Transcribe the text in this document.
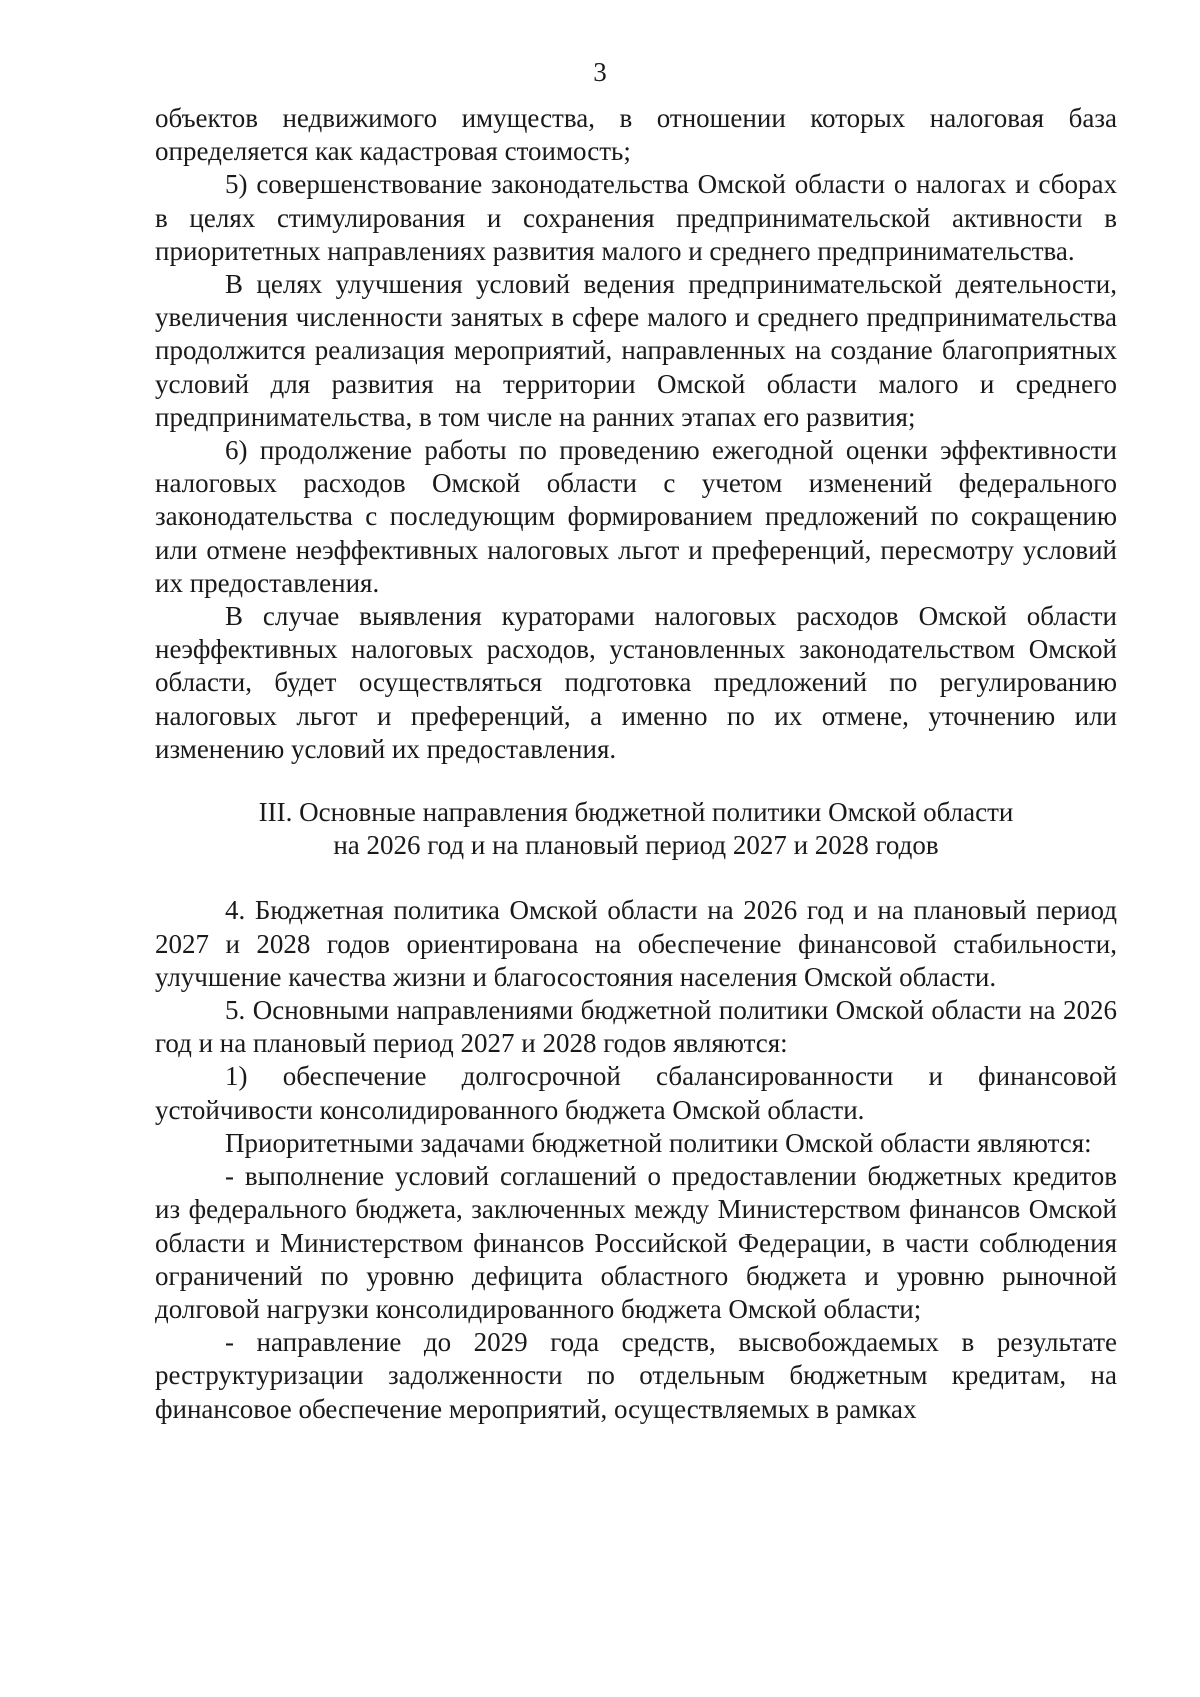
3

объектов недвижимого имущества, в отношении которых налоговая база определяется как кадастровая стоимость;

5) совершенствование законодательства Омской области о налогах и сборах в целях стимулирования и сохранения предпринимательской активности в приоритетных направлениях развития малого и среднего предпринимательства.

В целях улучшения условий ведения предпринимательской деятельности, увеличения численности занятых в сфере малого и среднего предпринимательства продолжится реализация мероприятий, направленных на создание благоприятных условий для развития на территории Омской области малого и среднего предпринимательства, в том числе на ранних этапах его развития;

6) продолжение работы по проведению ежегодной оценки эффективности налоговых расходов Омской области с учетом изменений федерального законодательства с последующим формированием предложений по сокращению или отмене неэффективных налоговых льгот и преференций, пересмотру условий их предоставления.

В случае выявления кураторами налоговых расходов Омской области неэффективных налоговых расходов, установленных законодательством Омской области, будет осуществляться подготовка предложений по регулированию налоговых льгот и преференций, а именно по их отмене, уточнению или изменению условий их предоставления.

III. Основные направления бюджетной политики Омской области
на 2026 год и на плановый период 2027 и 2028 годов

4. Бюджетная политика Омской области на 2026 год и на плановый период 2027 и 2028 годов ориентирована на обеспечение финансовой стабильности, улучшение качества жизни и благосостояния населения Омской области.

5. Основными направлениями бюджетной политики Омской области на 2026 год и на плановый период 2027 и 2028 годов являются:

1) обеспечение долгосрочной сбалансированности и финансовой устойчивости консолидированного бюджета Омской области.

Приоритетными задачами бюджетной политики Омской области являются:

- выполнение условий соглашений о предоставлении бюджетных кредитов из федерального бюджета, заключенных между Министерством финансов Омской области и Министерством финансов Российской Федерации, в части соблюдения ограничений по уровню дефицита областного бюджета и уровню рыночной долговой нагрузки консолидированного бюджета Омской области;

- направление до 2029 года средств, высвобождаемых в результате реструктуризации задолженности по отдельным бюджетным кредитам, на финансовое обеспечение мероприятий, осуществляемых в рамках
